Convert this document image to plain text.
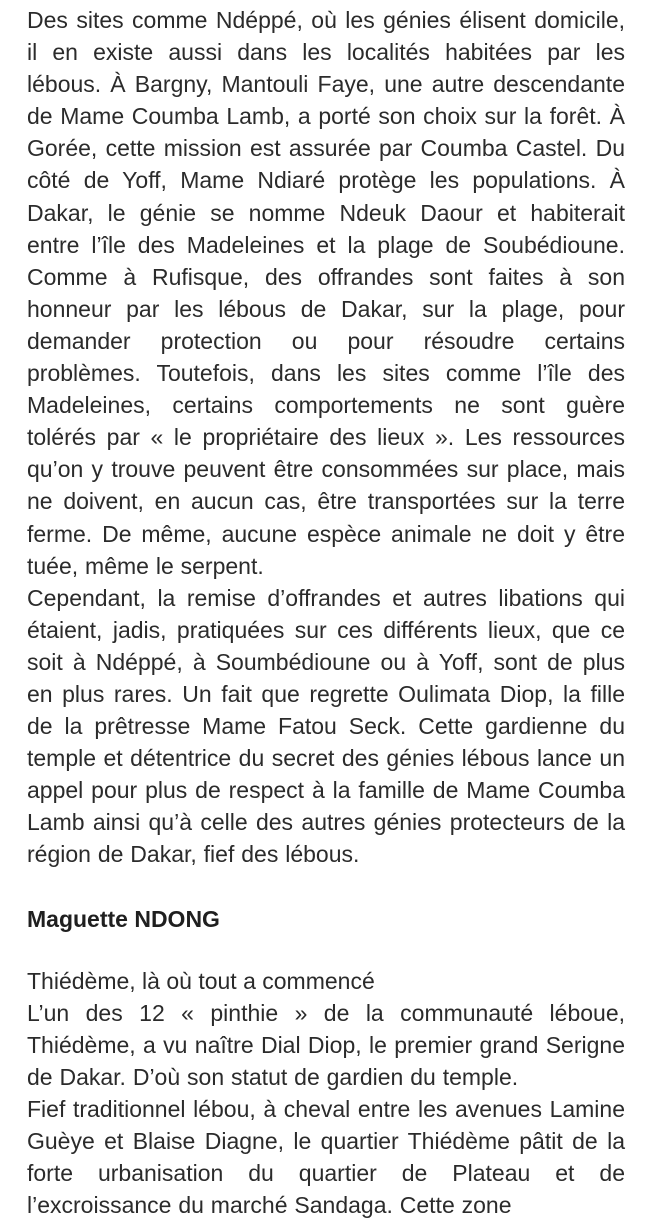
Des sites comme Ndéppé, où les génies élisent domicile, il en existe aussi dans les localités habitées par les lébous. À Bargny, Mantouli Faye, une autre descendante de Mame Coumba Lamb, a porté son choix sur la forêt. À Gorée, cette mission est assurée par Coumba Castel. Du côté de Yoff, Mame Ndiaré protège les populations. À Dakar, le génie se nomme Ndeuk Daour et habiterait entre l’île des Madeleines et la plage de Soubédioune. Comme à Rufisque, des offrandes sont faites à son honneur par les lébous de Dakar, sur la plage, pour demander protection ou pour résoudre certains problèmes. Toutefois, dans les sites comme l’île des Madeleines, certains comportements ne sont guère tolérés par « le propriétaire des lieux ». Les ressources qu’on y trouve peuvent être consommées sur place, mais ne doivent, en aucun cas, être transportées sur la terre ferme. De même, aucune espèce animale ne doit y être tuée, même le serpent.

Cependant, la remise d’offrandes et autres libations qui étaient, jadis, pratiquées sur ces différents lieux, que ce soit à Ndéppé, à Soumbédioune ou à Yoff, sont de plus en plus rares. Un fait que regrette Oulimata Diop, la fille de la prêtresse Mame Fatou Seck. Cette gardienne du temple et détentrice du secret des génies lébous lance un appel pour plus de respect à la famille de Mame Coumba Lamb ainsi qu’à celle des autres génies protecteurs de la région de Dakar, fief des lébous.

Maguette NDONG

Thiédème, là où tout a commencé

L’un des 12 « pinthie » de la communauté léboue, Thiédème, a vu naître Dial Diop, le premier grand Serigne de Dakar. D’où son statut de gardien du temple.

Fief traditionnel lébou, à cheval entre les avenues Lamine Guèye et Blaise Diagne, le quartier Thiédème pâtit de la forte urbanisation du quartier de Plateau et de l’excroissance du marché Sandaga. Cette zone
